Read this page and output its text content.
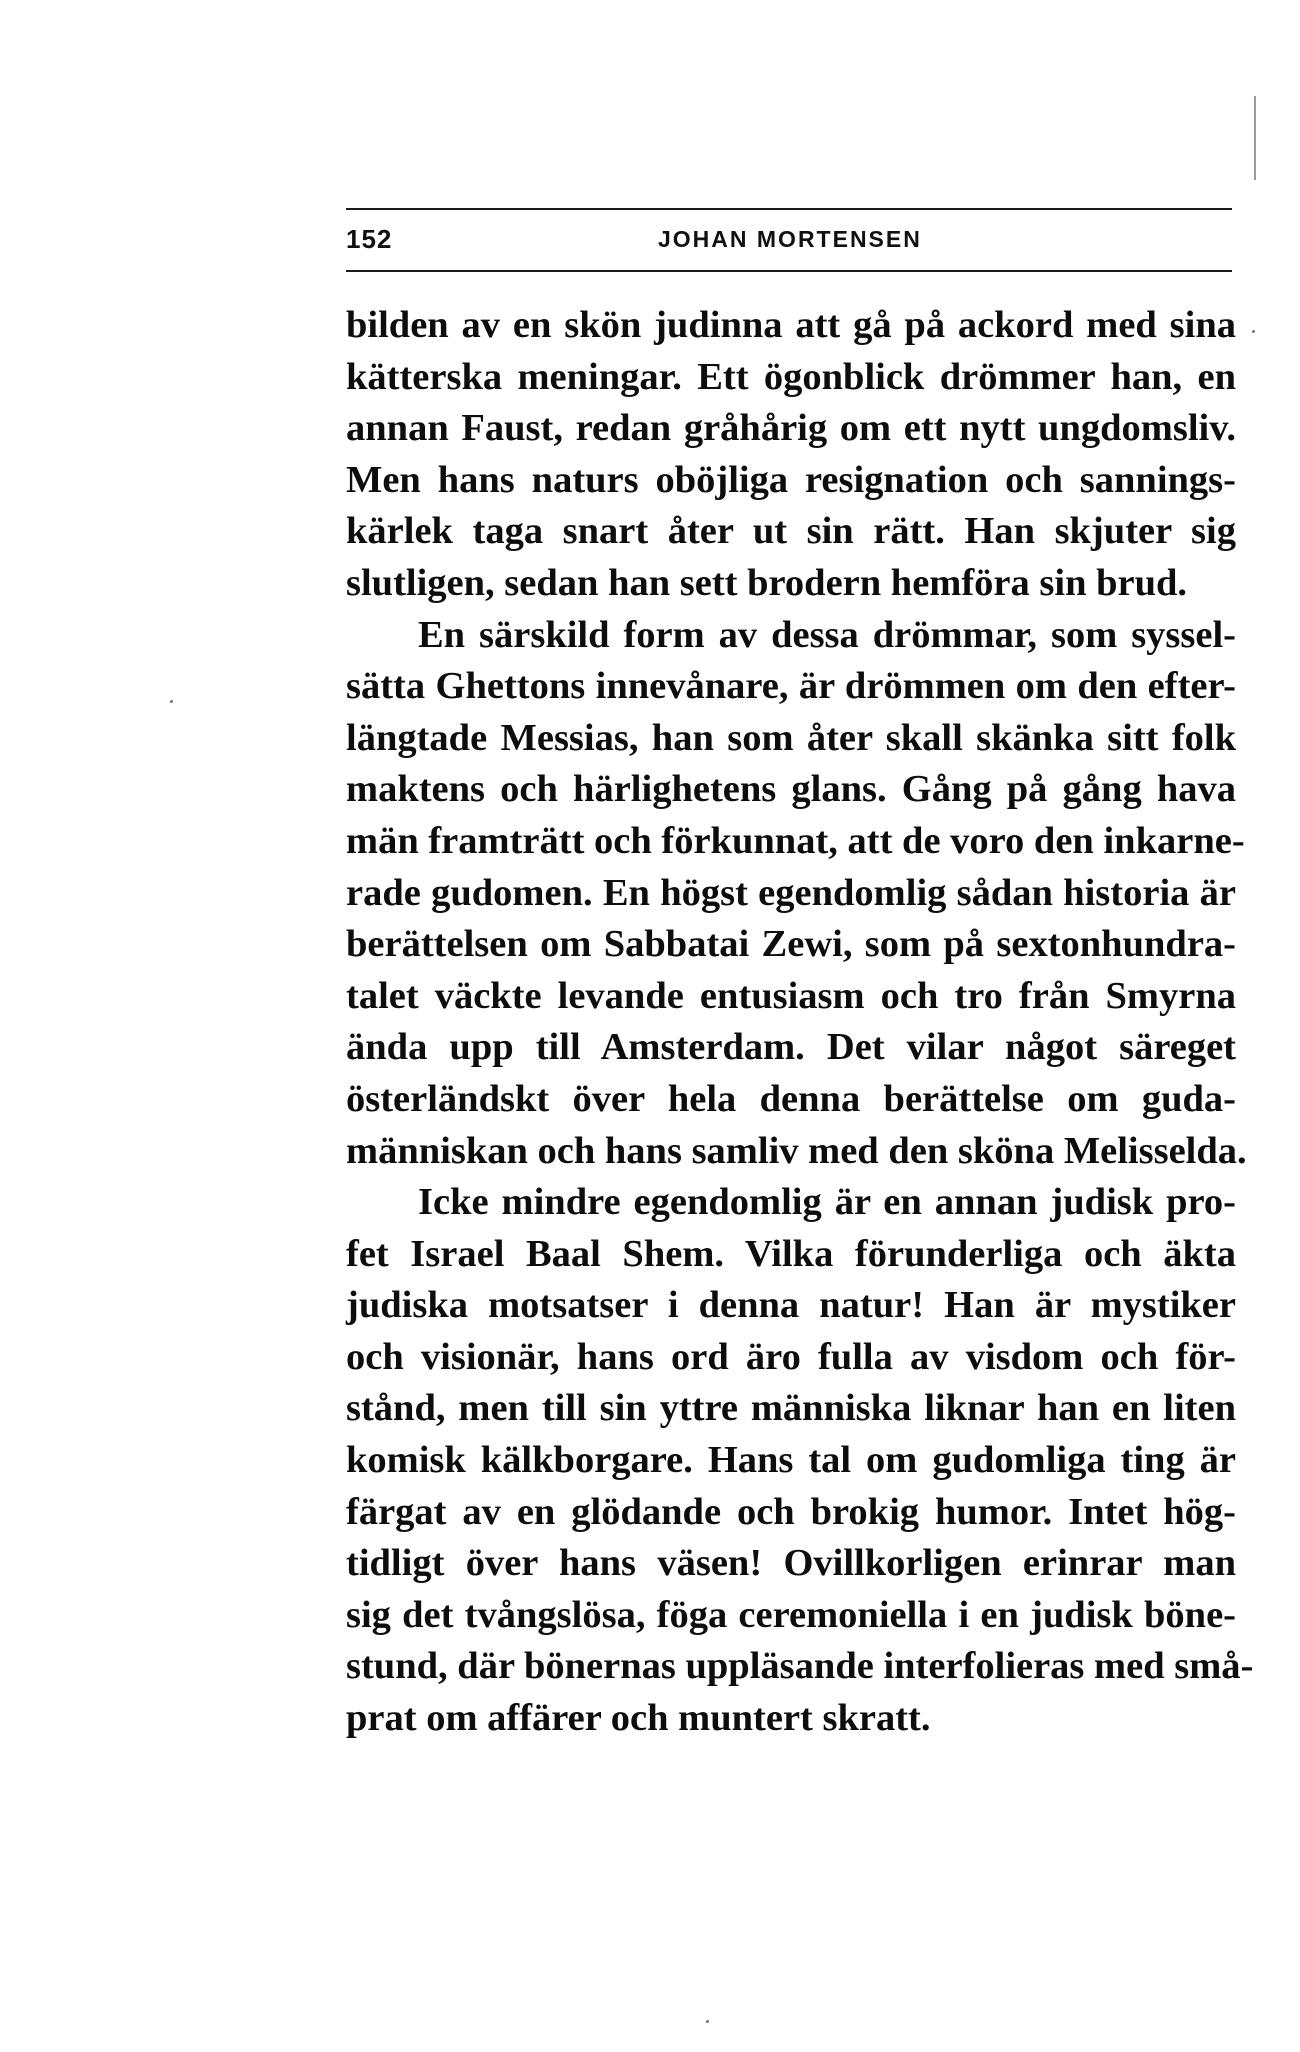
152	JOHAN MORTENSEN
bilden av en skön judinna att gå på ackord med sina
kätterska meningar. Ett ögonblick drömmer han, en
annan Faust, redan gråhårig om ett nytt ungdomsliv.
Men hans naturs oböjliga resignation och sannings-
kärlek taga snart åter ut sin rätt. Han skjuter sig
slutligen, sedan han sett brodern hemföra sin brud.
En särskild form av dessa drömmar, som syssel-
sätta Ghettons innevånare, är drömmen om den efter-
längtade Messias, han som åter skall skänka sitt folk
maktens och härlighetens glans. Gång på gång hava
män framträtt och förkunnat, att de voro den inkarne-
rade gudomen. En högst egendomlig sådan historia är
berättelsen om Sabbatai Zewi, som på sextonhundra-
talet väckte levande entusiasm och tro från Smyrna
ända upp till Amsterdam. Det vilar något säreget
österländskt över hela denna berättelse om guda-
människan och hans samliv med den sköna Melisselda.
Icke mindre egendomlig är en annan judisk pro-
fet Israel Baal Shem. Vilka förunderliga och äkta
judiska motsatser i denna natur! Han är mystiker
och visionär, hans ord äro fulla av visdom och för-
stånd, men till sin yttre människa liknar han en liten
komisk kälkborgare. Hans tal om gudomliga ting är
färgat av en glödande och brokig humor. Intet hög-
tidligt över hans väsen! Ovillkorligen erinrar man
sig det tvångslösa, föga ceremoniella i en judisk böne-
stund, där bönernas uppläsande interfolieras med små-
prat om affärer och muntert skratt.
